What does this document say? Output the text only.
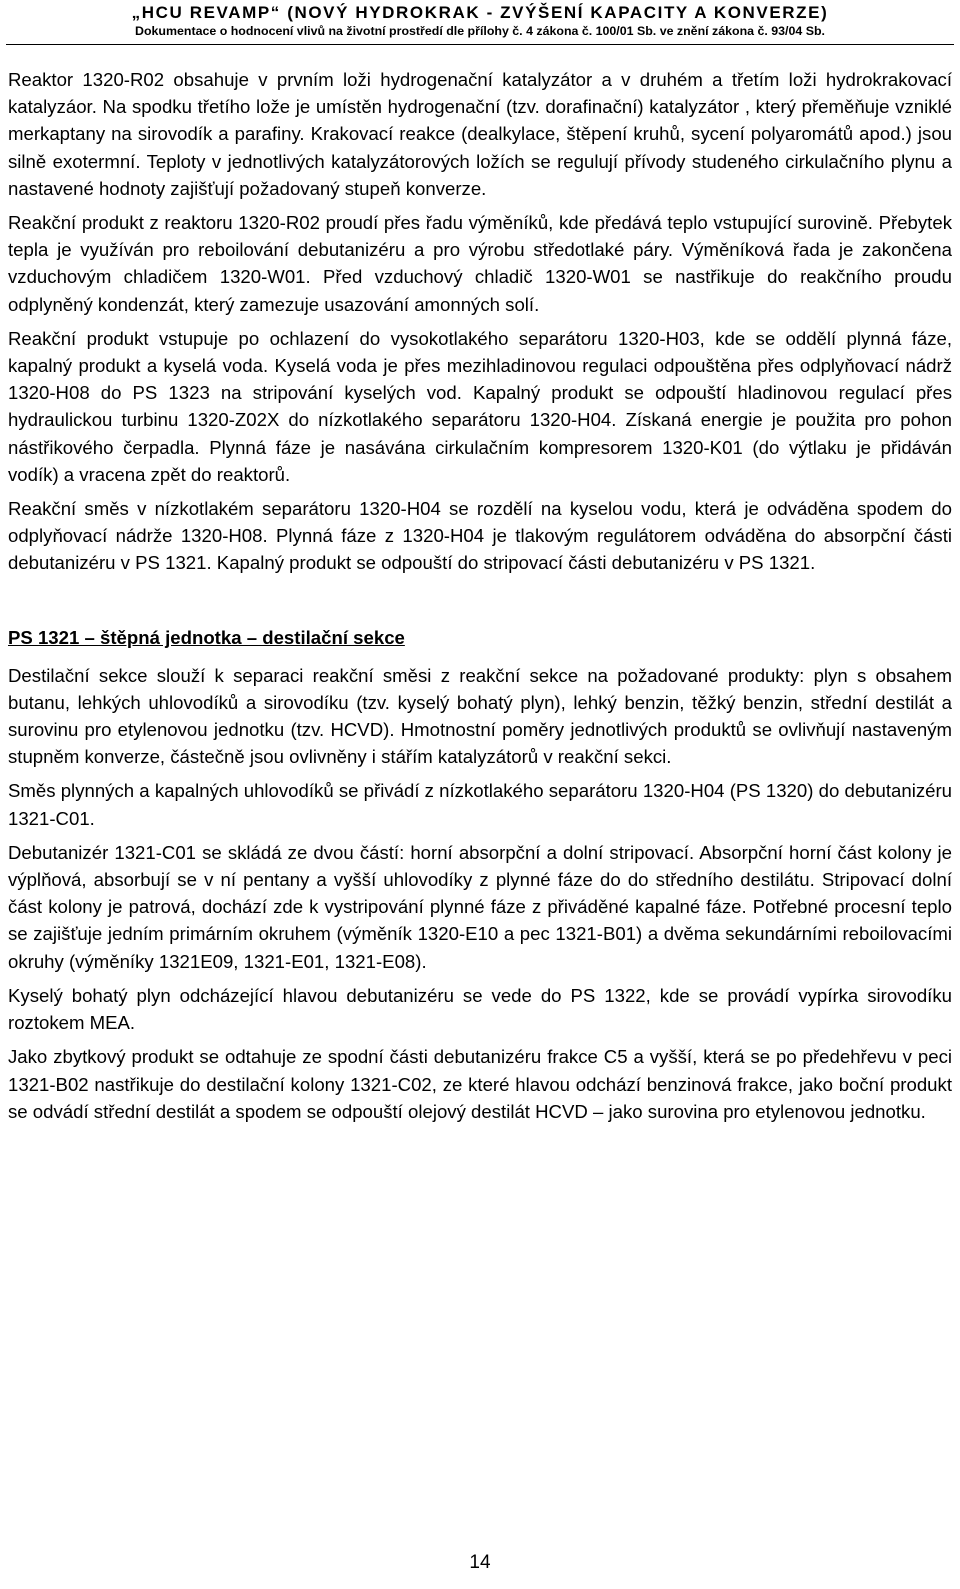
„HCU REVAMP“ (NOVÝ HYDROKRAK - ZVÝŠENÍ KAPACITY A KONVERZE)
Dokumentace o hodnocení vlivů na životní prostředí dle přílohy č. 4 zákona č. 100/01 Sb. ve znění zákona č. 93/04 Sb.

Reaktor 1320-R02 obsahuje v prvním loži hydrogenační katalyzátor a v druhém a třetím loži hydrokrakovací katalyzáor. Na spodku třetího lože je umístěn hydrogenační (tzv. dorafinační) katalyzátor , který přeměňuje vzniklé merkaptany na sirovodík a parafiny. Krakovací reakce (dealkylace, štěpení kruhů, sycení polyaromátů apod.) jsou silně exotermní. Teploty v jednotlivých katalyzátorových ložích se regulují přívody studeného cirkulačního plynu a nastavené hodnoty zajišťují požadovaný stupeň konverze.

Reakční produkt z reaktoru 1320-R02 proudí přes řadu výměníků, kde předává teplo vstupující surovině. Přebytek tepla je využíván pro reboilování debutanizéru a pro výrobu středotlaké páry. Výměníková řada je zakončena vzduchovým chladičem 1320-W01. Před vzduchový chladič 1320-W01 se nastřikuje do reakčního proudu odplyněný kondenzát, který zamezuje usazování amonných solí.

Reakční produkt vstupuje po ochlazení do vysokotlakého separátoru 1320-H03, kde se oddělí plynná fáze, kapalný produkt a kyselá voda. Kyselá voda je přes mezihladinovou regulaci odpouštěna přes odplyňovací nádrž 1320-H08 do PS 1323 na stripování kyselých vod. Kapalný produkt se odpouští hladinovou regulací přes hydraulickou turbinu 1320-Z02X do nízkotlakého separátoru 1320-H04. Získaná energie je použita pro pohon nástřikového čerpadla. Plynná fáze je nasávána cirkulačním kompresorem 1320-K01 (do výtlaku je přidáván vodík) a vracena zpět do reaktorů.

Reakční směs v nízkotlakém separátoru 1320-H04 se rozdělí na kyselou vodu, která je odváděna spodem do odplyňovací nádrže 1320-H08. Plynná fáze z 1320-H04 je tlakovým regulátorem odváděna do absorpční části debutanizéru v PS 1321. Kapalný produkt se odpouští do stripovací části debutanizéru v PS 1321.

PS 1321 – štěpná jednotka – destilační sekce

Destilační sekce slouží k separaci reakční směsi z reakční sekce na požadované produkty: plyn s obsahem butanu, lehkých uhlovodíků a sirovodíku (tzv. kyselý bohatý plyn), lehký benzin, těžký benzin, střední destilát a surovinu pro etylenovou jednotku (tzv. HCVD). Hmotnostní poměry jednotlivých produktů se ovlivňují nastaveným stupněm konverze, částečně jsou ovlivněny i stářím katalyzátorů v reakční sekci.

Směs plynných a kapalných uhlovodíků se přivádí z nízkotlakého separátoru 1320-H04 (PS 1320) do debutanizéru 1321-C01.

Debutanizér 1321-C01 se skládá ze dvou částí: horní absorpční a dolní stripovací. Absorpční horní část kolony je výplňová, absorbují se v ní pentany a vyšší uhlovodíky z plynné fáze do do středního destilátu. Stripovací dolní část kolony je patrová, dochází zde k vystripování plynné fáze z přiváděné kapalné fáze. Potřebné procesní teplo se zajišťuje jedním primárním okruhem (výměník 1320-E10 a pec 1321-B01) a dvěma sekundárními reboilovacími okruhy (výměníky 1321E09, 1321-E01, 1321-E08).

Kyselý bohatý plyn odcházející hlavou debutanizéru se vede do PS 1322, kde se provádí vypírka sirovodíku roztokem MEA.

Jako zbytkový produkt se odtahuje ze spodní části debutanizéru frakce C5 a vyšší, která se po předehřevu v peci 1321-B02 nastřikuje do destilační kolony 1321-C02, ze které hlavou odchází benzinová frakce, jako boční produkt se odvádí střední destilát a spodem se odpouští olejový destilát HCVD – jako surovina pro etylenovou jednotku.

14
